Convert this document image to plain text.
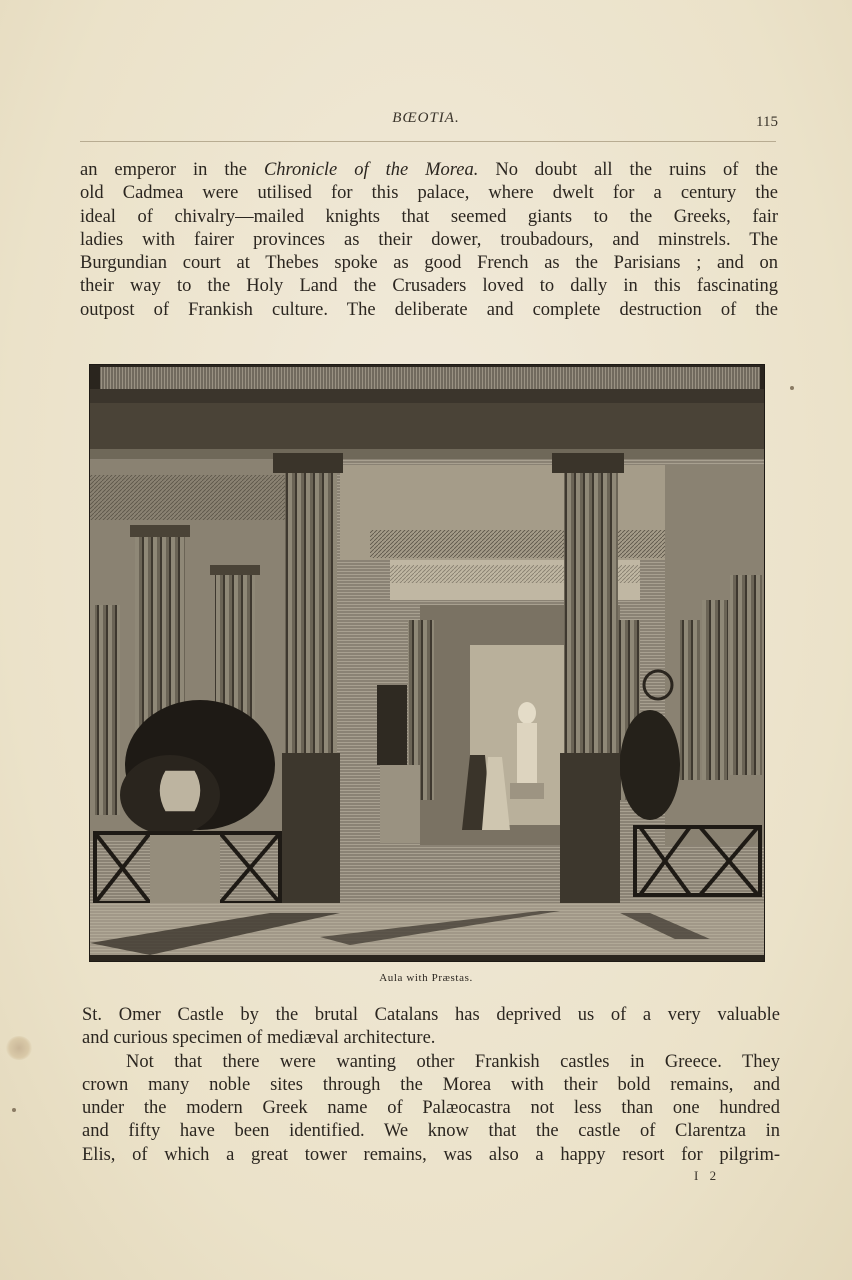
BŒOTIA.	115
an emperor in the Chronicle of the Morea. No doubt all the ruins of the
old Cadmea were utilised for this palace, where dwelt for a century the
ideal of chivalry—mailed knights that seemed giants to the Greeks, fair
ladies with fairer provinces as their dower, troubadours, and minstrels. The
Burgundian court at Thebes spoke as good French as the Parisians ; and on
their way to the Holy Land the Crusaders loved to dally in this fascinating
outpost of Frankish culture. The deliberate and complete destruction of the
Aula with Præstas.
St. Omer Castle by the brutal Catalans has deprived us of a very valuable
and curious specimen of mediæval architecture.
Not that there were wanting other Frankish castles in Greece. They
crown many noble sites through the Morea with their bold remains, and
under the modern Greek name of Palæocastra not less than one hundred
and fifty have been identified. We know that the castle of Clarentza in
Elis, of which a great tower remains, was also a happy resort for pilgrim-
I 2
